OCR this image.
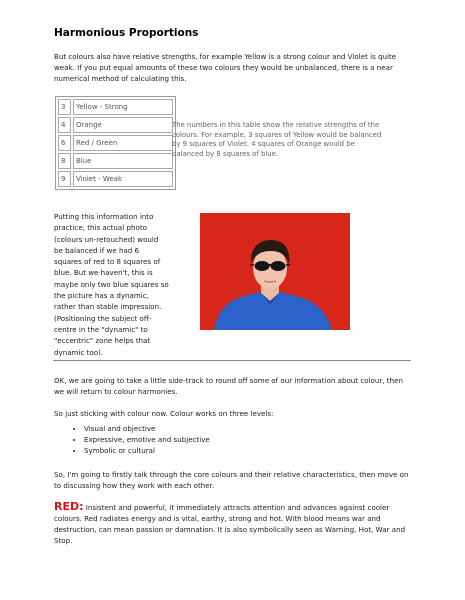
Harmonious Proportions
But colours also have relative strengths, for example Yellow is a strong colour and Violet is quite weak. If you put equal amounts of these two colours they would be unbalanced, there is a near numerical method of calculating this.
3	Yellow - Strong
4	Orange
6	Red / Green
8	Blue
9	Violet - Weak
The numbers in this table show the relative strengths of the colours. For example, 3 squares of Yellow would be balanced by 9 squares of Violet. 4 squares of Orange would be balanced by 8 squares of blue.
Putting this information into
practice, this actual photo
(colours un-retouched) would
be balanced if we had 6
squares of red to 8 squares of
blue. But we haven't, this is
maybe only two blue squares so
the picture has a dynamic,
rather than stable impression.
(Positioning the subject off-
centre in the "dynamic" to
"eccentric" zone helps that
dynamic too).
OK, we are going to take a little side-track to round off some of our information about colour, then we will return to colour harmonies.
So just sticking with colour now. Colour works on three levels:
• Visual and objective
• Expressive, emotive and subjective
• Symbolic or cultural
So, I'm going to firstly talk through the core colours and their relative characteristics, then move on to discussing how they work with each other.
RED: Insistent and powerful, it immediately attracts attention and advances against cooler colours. Red radiates energy and is vital, earthy, strong and hot. With blood means war and destruction, can mean passion or damnation. It is also symbolically seen as Warning, Hot, War and Stop.
